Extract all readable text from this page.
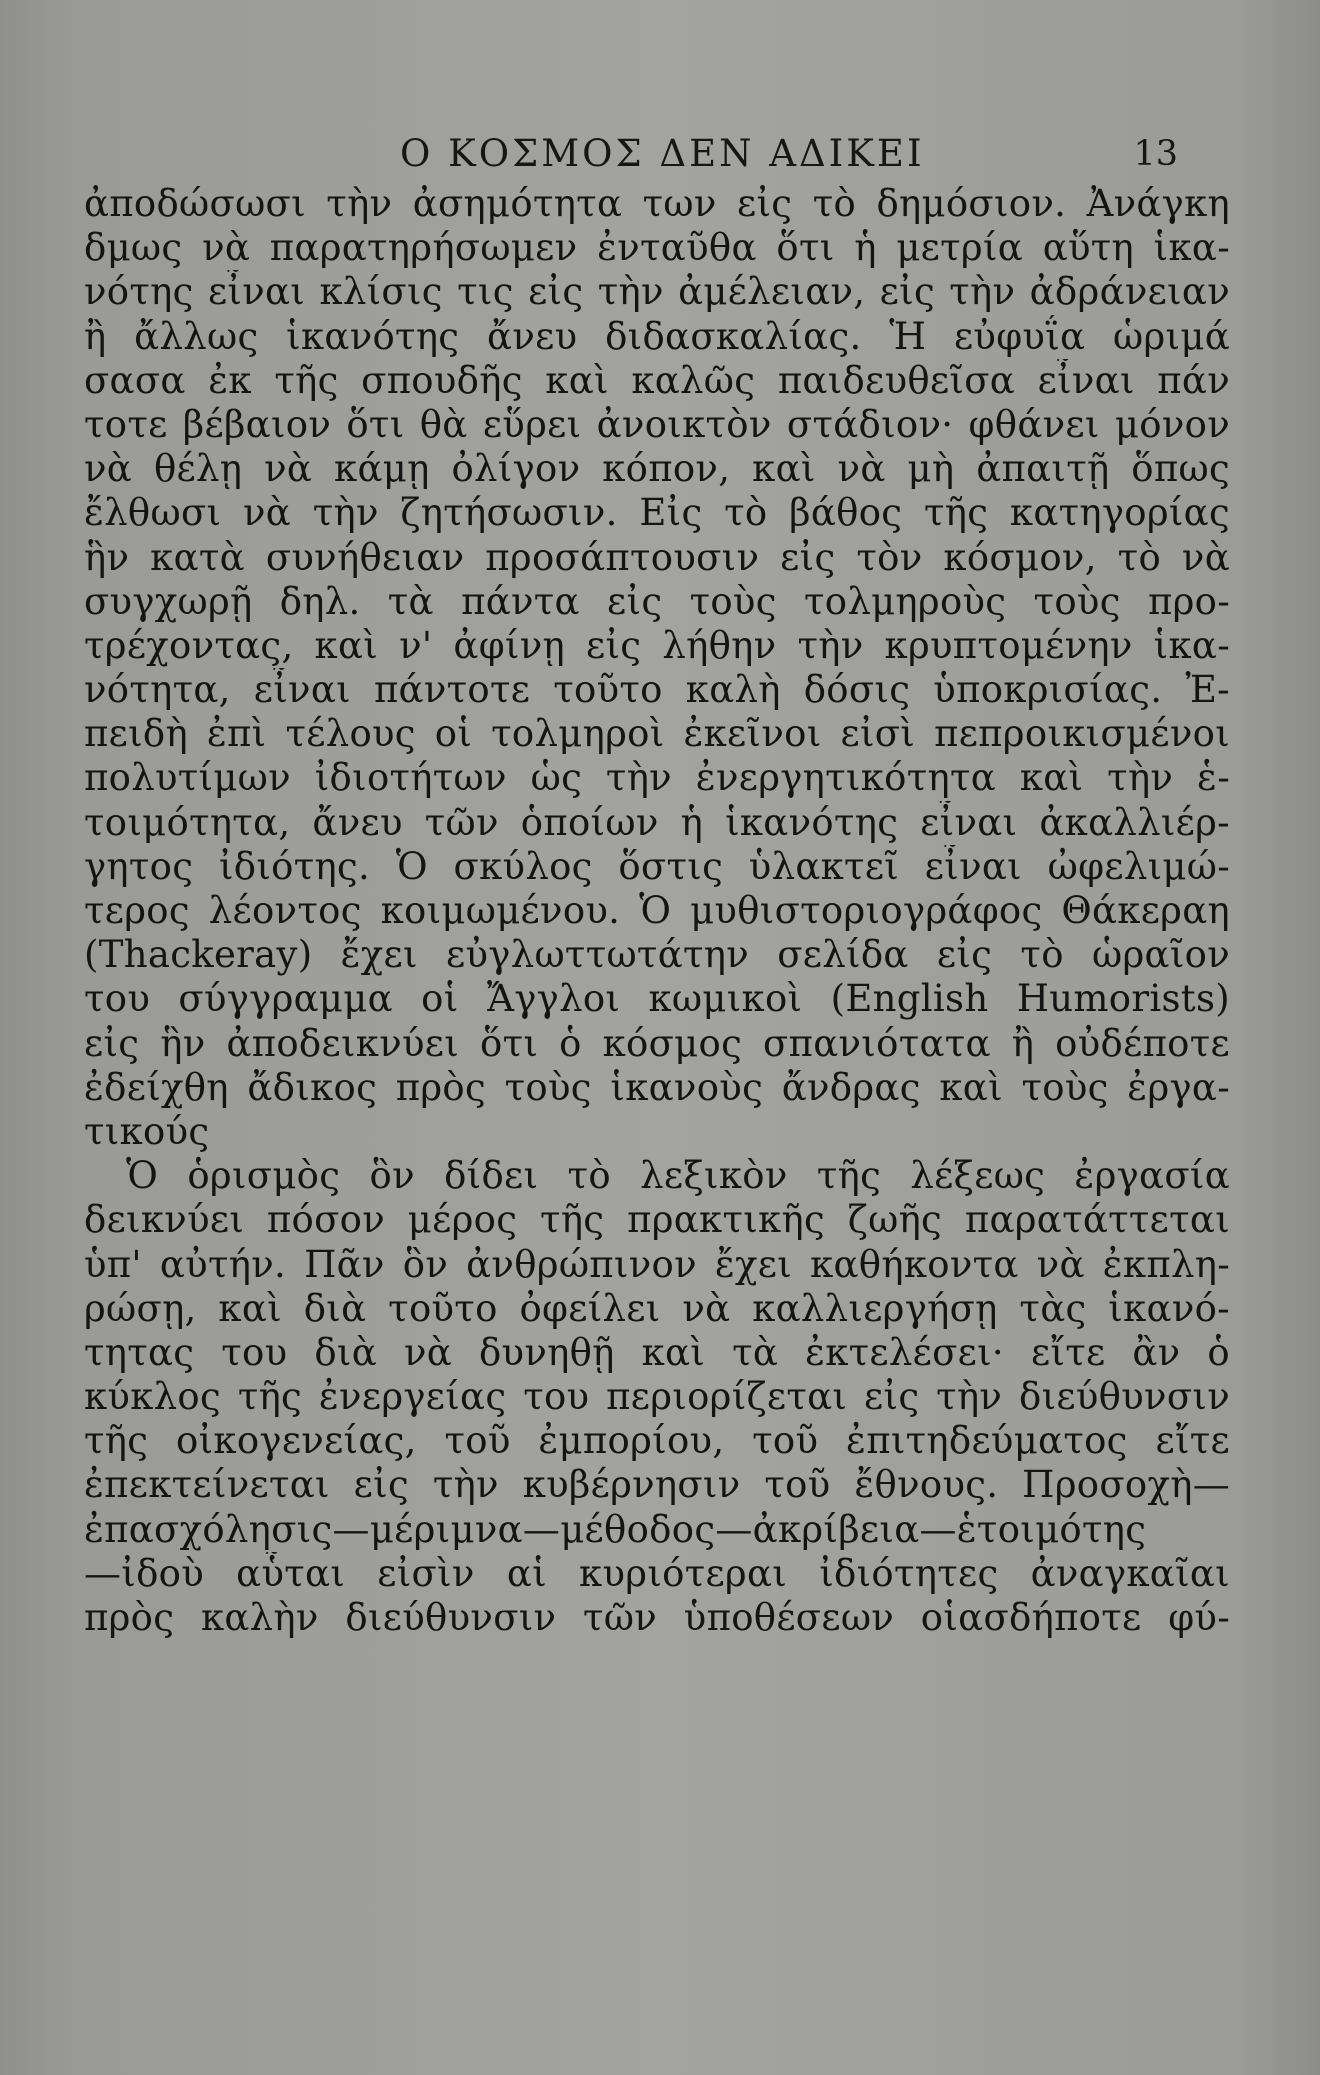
Ο ΚΟΣΜΟΣ ΔΕΝ ΑΔΙΚΕΙ	13
ἀποδώσωσι τὴν ἀσημότητα των εἰς τὸ δημόσιον. Ἀνάγκη
δμως νὰ παρατηρήσωμεν ἐνταῦθα ὅτι ἡ μετρία αὕτη ἱκα-
νότης εἶναι κλίσις τις εἰς τὴν ἀμέλειαν, εἰς τὴν ἀδράνειαν
ἢ ἄλλως ἱκανότης ἄνευ διδασκαλίας. Ἡ εὐφυΐα ὡριμά
σασα ἐκ τῆς σπουδῆς καὶ καλῶς παιδευθεῖσα εἶναι πάν
τοτε βέβαιον ὅτι θὰ εὕρει ἀνοικτὸν στάδιον· φθάνει μόνον
νὰ θέλῃ νὰ κάμῃ ὀλίγον κόπον, καὶ νὰ μὴ ἀπαιτῇ ὅπως
ἔλθωσι νὰ τὴν ζητήσωσιν. Εἰς τὸ βάθος τῆς κατηγορίας
ἣν κατὰ συνήθειαν προσάπτουσιν εἰς τὸν κόσμον, τὸ νὰ
συγχωρῇ δηλ. τὰ πάντα εἰς τοὺς τολμηροὺς τοὺς προ-
τρέχοντας, καὶ ν' ἀφίνῃ εἰς λήθην τὴν κρυπτομένην ἱκα-
νότητα, εἶναι πάντοτε τοῦτο καλὴ δόσις ὑποκρισίας. Ἐ-
πειδὴ ἐπὶ τέλους οἱ τολμηροὶ ἐκεῖνοι εἰσὶ πεπροικισμένοι
πολυτίμων ἰδιοτήτων ὡς τὴν ἐνεργητικότητα καὶ τὴν ἑ-
τοιμότητα, ἄνευ τῶν ὁποίων ἡ ἱκανότης εἶναι ἀκαλλιέρ-
γητος ἰδιότης. Ὁ σκύλος ὅστις ὑλακτεῖ εἶναι ὠφελιμώ-
τερος λέοντος κοιμωμένου. Ὁ μυθιστοριογράφος Θάκεραη
(Thackeray) ἔχει εὐγλωττωτάτην σελίδα εἰς τὸ ὡραῖον
του σύγγραμμα οἱ Ἄγγλοι κωμικοὶ (English Humorists)
εἰς ἣν ἀποδεικνύει ὅτι ὁ κόσμος σπανιότατα ἢ οὐδέποτε
ἐδείχθη ἄδικος πρὸς τοὺς ἱκανοὺς ἄνδρας καὶ τοὺς ἐργα-
τικούς
Ὁ ὁρισμὸς ὃν δίδει τὸ λεξικὸν τῆς λέξεως ἐργασία
δεικνύει πόσον μέρος τῆς πρακτικῆς ζωῆς παρατάττεται
ὑπ' αὐτήν. Πᾶν ὃν ἀνθρώπινον ἔχει καθήκοντα νὰ ἐκπλη-
ρώσῃ, καὶ διὰ τοῦτο ὀφείλει νὰ καλλιεργήσῃ τὰς ἱκανό-
τητας του διὰ νὰ δυνηθῇ καὶ τὰ ἐκτελέσει· εἴτε ἂν ὁ
κύκλος τῆς ἐνεργείας του περιορίζεται εἰς τὴν διεύθυνσιν
τῆς οἰκογενείας, τοῦ ἐμπορίου, τοῦ ἐπιτηδεύματος εἴτε
ἐπεκτείνεται εἰς τὴν κυβέρνησιν τοῦ ἔθνους. Προσοχὴ—
ἐπασχόλησις—μέριμνα—μέθοδος—ἀκρίβεια—ἑτοιμότης
—ἰδοὺ αὗται εἰσὶν αἱ κυριότεραι ἰδιότητες ἀναγκαῖαι
πρὸς καλὴν διεύθυνσιν τῶν ὑποθέσεων οἱασδήποτε φύ-
